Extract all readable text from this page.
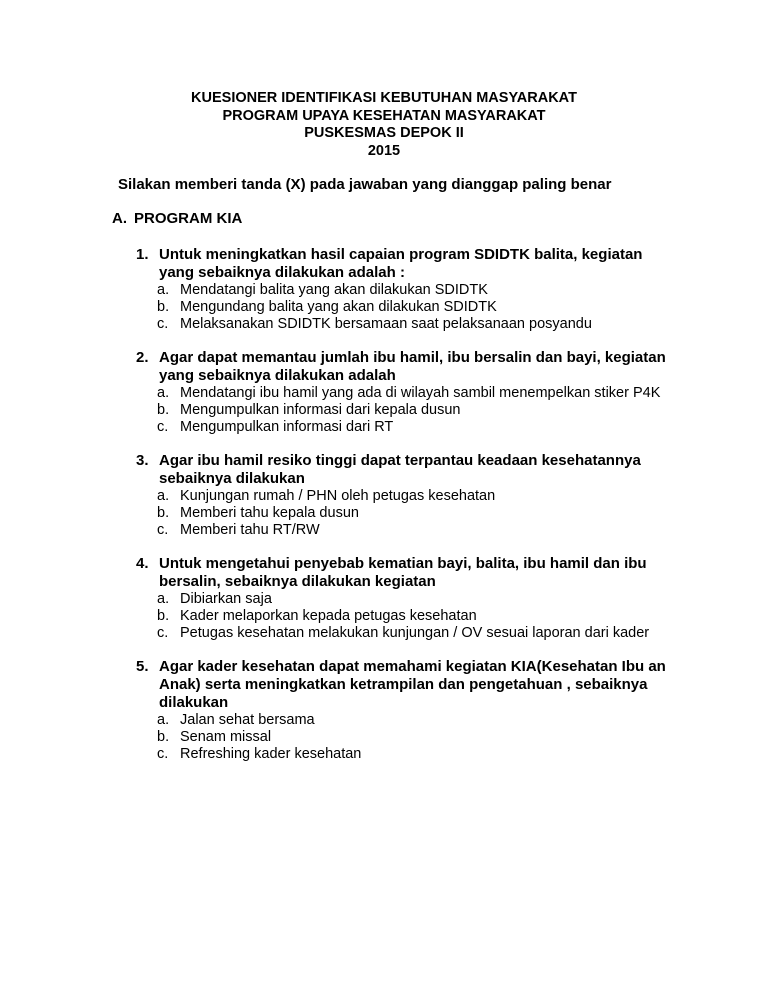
KUESIONER IDENTIFIKASI KEBUTUHAN MASYARAKAT
PROGRAM UPAYA KESEHATAN MASYARAKAT
PUSKESMAS DEPOK II
2015
Silakan memberi tanda (X) pada jawaban yang dianggap paling benar
A. PROGRAM KIA
1. Untuk meningkatkan hasil capaian program SDIDTK balita, kegiatan yang sebaiknya dilakukan adalah :
a. Mendatangi balita yang akan dilakukan SDIDTK
b. Mengundang balita yang akan dilakukan SDIDTK
c. Melaksanakan SDIDTK bersamaan saat pelaksanaan posyandu
2. Agar dapat memantau jumlah ibu hamil, ibu bersalin dan bayi, kegiatan yang sebaiknya dilakukan adalah
a. Mendatangi ibu hamil yang ada di wilayah sambil menempelkan stiker P4K
b. Mengumpulkan informasi dari kepala dusun
c. Mengumpulkan informasi dari RT
3. Agar ibu hamil resiko tinggi dapat terpantau keadaan kesehatannya sebaiknya dilakukan
a. Kunjungan rumah / PHN oleh petugas kesehatan
b. Memberi tahu kepala dusun
c. Memberi tahu RT/RW
4. Untuk mengetahui penyebab kematian bayi, balita, ibu hamil dan ibu bersalin, sebaiknya dilakukan kegiatan
a. Dibiarkan saja
b. Kader melaporkan kepada petugas kesehatan
c. Petugas kesehatan melakukan kunjungan / OV sesuai laporan dari kader
5. Agar kader kesehatan dapat memahami kegiatan KIA(Kesehatan Ibu an Anak) serta meningkatkan ketrampilan dan pengetahuan , sebaiknya dilakukan
a. Jalan sehat bersama
b. Senam missal
c. Refreshing kader kesehatan
